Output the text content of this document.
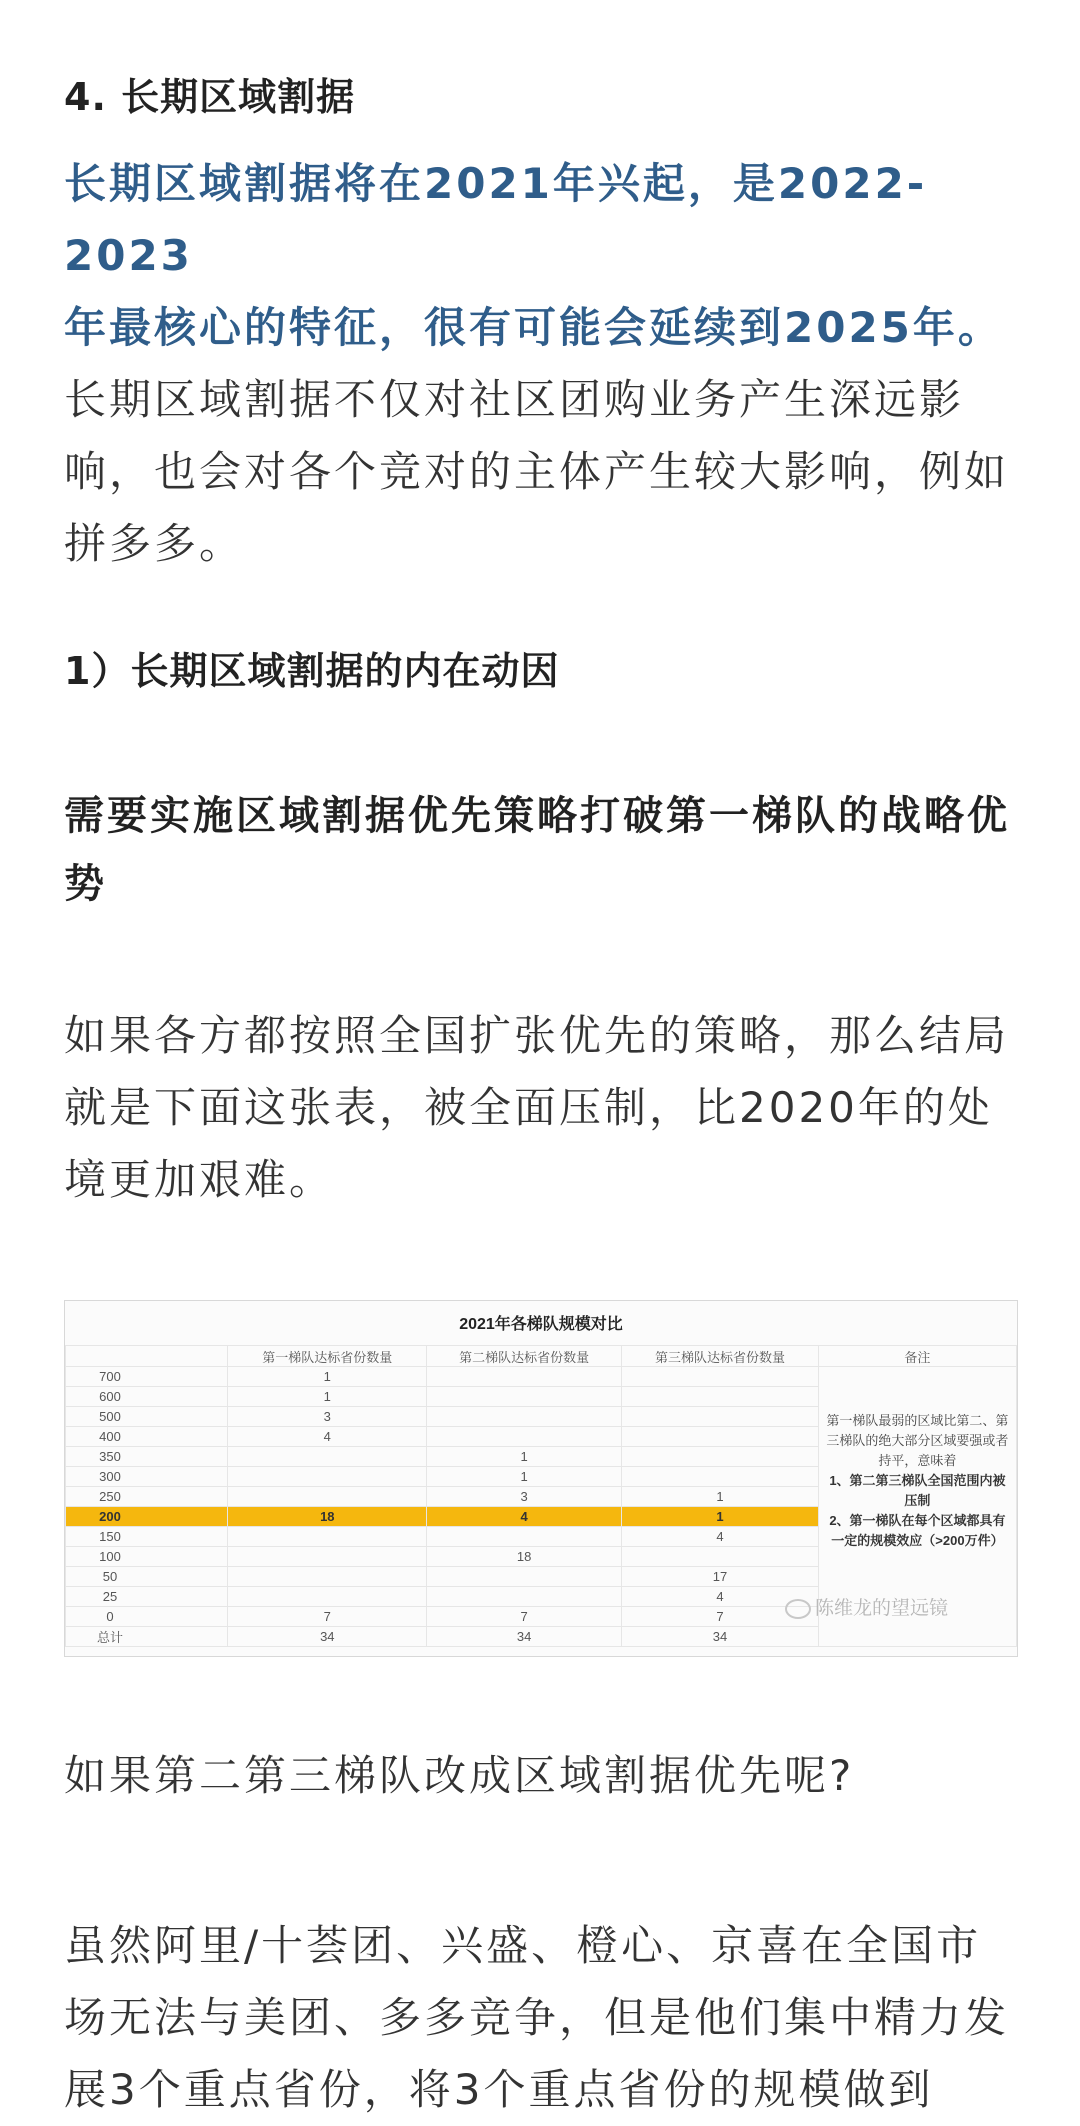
4. 长期区域割据
长期区域割据将在2021年兴起，是2022-2023
年最核心的特征，很有可能会延续到2025年。
长期区域割据不仅对社区团购业务产生深远影响，也会对各个竞对的主体产生较大影响，例如拼多多。
1）长期区域割据的内在动因

需要实施区域割据优先策略打破第一梯队的战略优势

如果各方都按照全国扩张优先的策略，那么结局就是下面这张表，被全面压制，比2020年的处境更加艰难。

2021年各梯队规模对比
	第一梯队达标省份数量	第二梯队达标省份数量	第三梯队达标省份数量	备注
700	1			第一梯队最弱的区域比第二、第三梯队的绝大部分区域要强或者持平，意味着

1、第二第三梯队全国范围内被压制

2、第一梯队在每个区域都具有一定的规模效应（>200万件）

600	1			
500	3			
400	4			
350		1		
300		1		
250		3	1	
200	18	4	1	
150			4	
100		18		
50			17	
25			4	
0	7	7	7	
总计	34	34	34	
陈维龙的望远镜

如果第二第三梯队改成区域割据优先呢?

虽然阿里/十荟团、兴盛、橙心、京喜在全国市场无法与美团、多多竞争，但是他们集中精力发展3个重点省份，将3个重点省份的规模做到
